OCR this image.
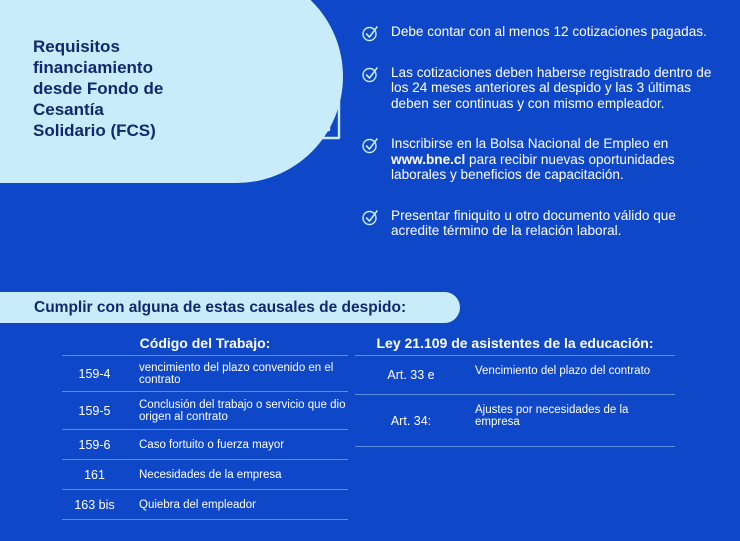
Requisitos
financiamiento
desde Fondo de
Cesantía
Solidario (FCS)
Debe contar con al menos 12 cotizaciones pagadas.
Las cotizaciones deben haberse registrado dentro de los 24 meses anteriores al despido y las 3 últimas deben ser continuas y con mismo empleador.
Inscribirse en la Bolsa Nacional de Empleo en www.bne.cl para recibir nuevas oportunidades laborales y beneficios de capacitación.
Presentar finiquito u otro documento válido que acredite término de la relación laboral.
Cumplir con alguna de estas causales de despido:
Código del Trabajo:	Ley 21.109 de asistentes de la educación:
159-4	vencimiento del plazo convenido en el contrato
159-5	Conclusión del trabajo o servicio que dio origen al contrato
159-6	Caso fortuito o fuerza mayor
161	Necesidades de la empresa
163 bis	Quiebra del empleador
Art. 33 e	Vencimiento del plazo del contrato
Art. 34:	Ajustes por necesidades de la empresa
